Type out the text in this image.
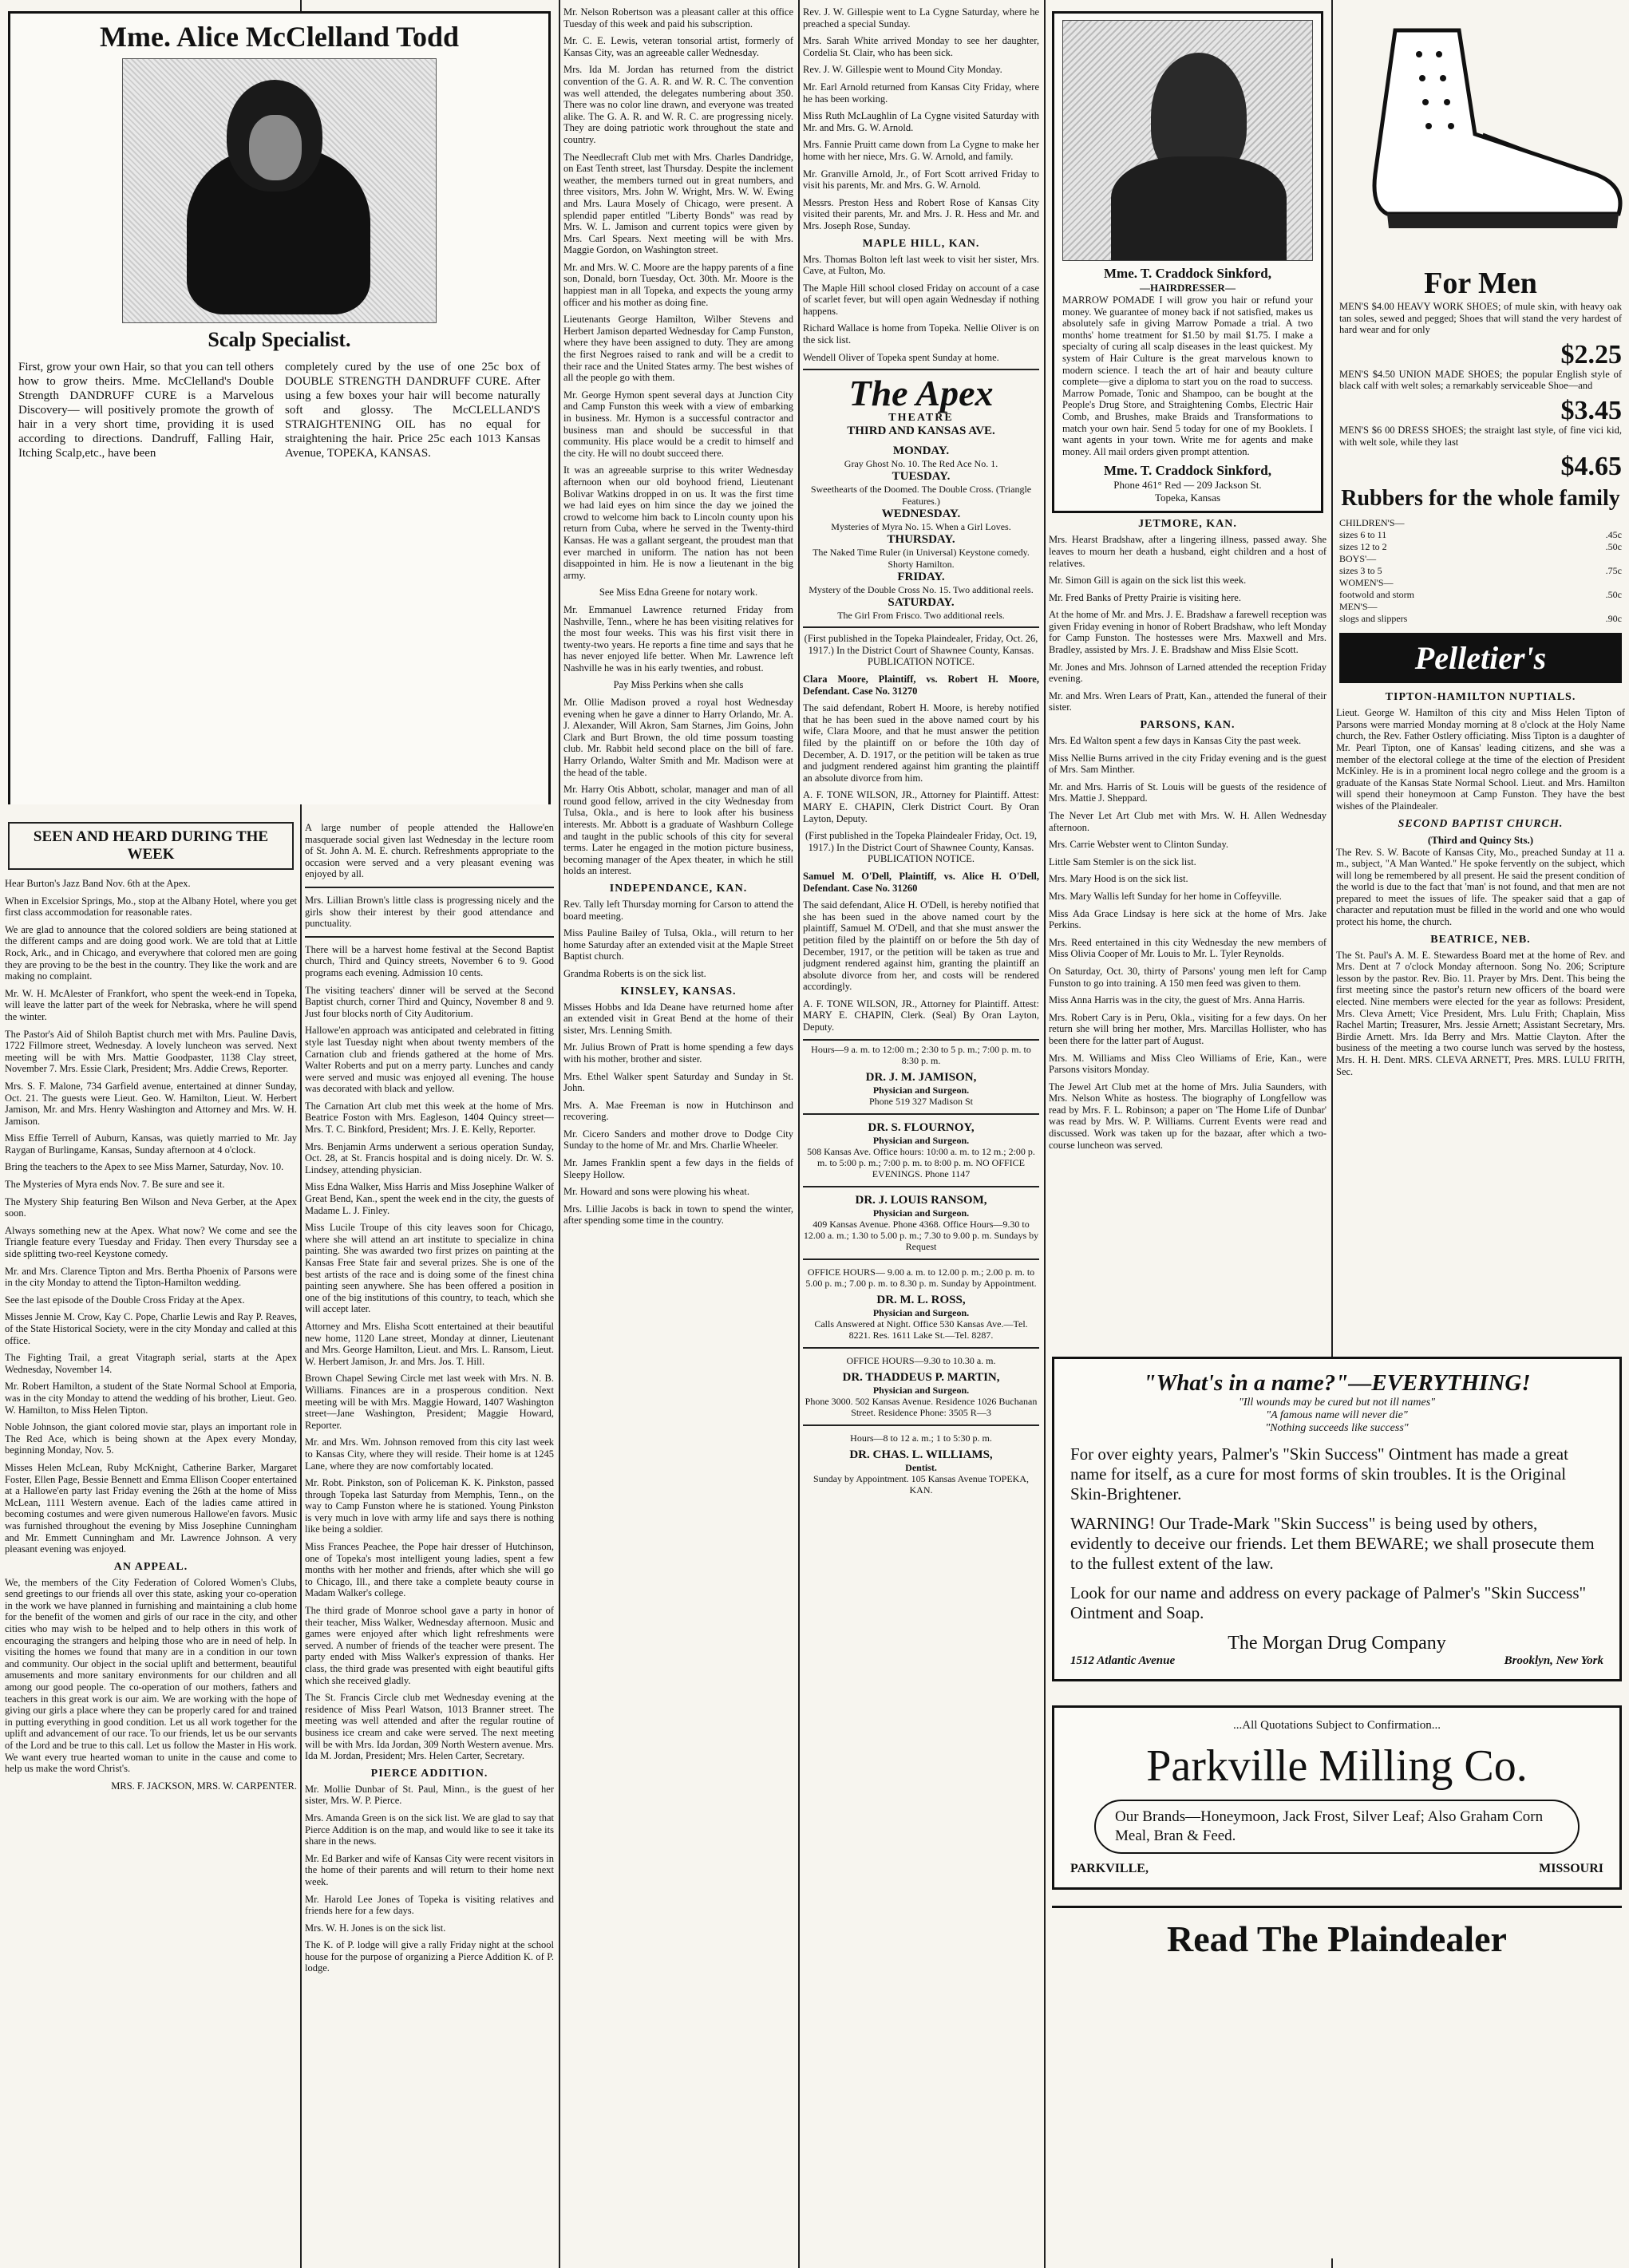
Mme. Alice McClelland Todd
Scalp Specialist.

First, grow your own Hair, so that you can tell others how to grow theirs. Mme. McClelland's Double Strength DANDRUFF CURE is a Marvelous Discovery— will positively promote the growth of hair in a very short time, providing it is used according to directions. Dandruff, Falling Hair, Itching Scalp,etc., have been

completely cured by the use of one 25c box of DOUBLE STRENGTH DANDRUFF CURE. After using a few boxes your hair will become naturally soft and glossy. The McCLELLAND'S STRAIGHTENING OIL has no equal for straightening the hair. Price 25c each 1013 Kansas Avenue, TOPEKA, KANSAS.

SEEN AND HEARD DURING THE WEEK

Hear Burton's Jazz Band Nov. 6th at the Apex.

When in Excelsior Springs, Mo., stop at the Albany Hotel, where you get first class accommodation for reasonable rates.

We are glad to announce that the colored soldiers are being stationed at the different camps and are doing good work. We are told that at Little Rock, Ark., and in Chicago, and everywhere that colored men are going they are proving to be the best in the country. They like the work and are making no complaint.

Mr. W. H. McAlester of Frankfort, who spent the week-end in Topeka, will leave the latter part of the week for Nebraska, where he will spend the winter.

The Pastor's Aid of Shiloh Baptist church met with Mrs. Pauline Davis, 1722 Fillmore street, Wednesday. A lovely luncheon was served. Next meeting will be with Mrs. Mattie Goodpaster, 1138 Clay street, November 7. Mrs. Essie Clark, President; Mrs. Addie Crews, Reporter.

Mrs. S. F. Malone, 734 Garfield avenue, entertained at dinner Sunday, Oct. 21. The guests were Lieut. Geo. W. Hamilton, Lieut. W. Herbert Jamison, Mr. and Mrs. Henry Washington and Attorney and Mrs. W. H. Jamison.

Miss Effie Terrell of Auburn, Kansas, was quietly married to Mr. Jay Raygan of Burlingame, Kansas, Sunday afternoon at 4 o'clock.

Bring the teachers to the Apex to see Miss Marner, Saturday, Nov. 10.

The Mysteries of Myra ends Nov. 7. Be sure and see it.

The Mystery Ship featuring Ben Wilson and Neva Gerber, at the Apex soon.

Always something new at the Apex. What now? We come and see the Triangle feature every Tuesday and Friday. Then every Thursday see a side splitting two-reel Keystone comedy.

Mr. and Mrs. Clarence Tipton and Mrs. Bertha Phoenix of Parsons were in the city Monday to attend the Tipton-Hamilton wedding.

See the last episode of the Double Cross Friday at the Apex.

Misses Jennie M. Crow, Kay C. Pope, Charlie Lewis and Ray P. Reaves, of the State Historical Society, were in the city Monday and called at this office.

The Fighting Trail, a great Vitagraph serial, starts at the Apex Wednesday, November 14.

Mr. Robert Hamilton, a student of the State Normal School at Emporia, was in the city Monday to attend the wedding of his brother, Lieut. Geo. W. Hamilton, to Miss Helen Tipton.

Noble Johnson, the giant colored movie star, plays an important role in The Red Ace, which is being shown at the Apex every Monday, beginning Monday, Nov. 5.

Misses Helen McLean, Ruby McKnight, Catherine Barker, Margaret Foster, Ellen Page, Bessie Bennett and Emma Ellison Cooper entertained at a Hallowe'en party last Friday evening the 26th at the home of Miss McLean, 1111 Western avenue. Each of the ladies came attired in becoming costumes and were given numerous Hallowe'en favors. Music was furnished throughout the evening by Miss Josephine Cunningham and Mr. Emmett Cunningham and Mr. Lawrence Johnson. A very pleasant evening was enjoyed.

AN APPEAL.

We, the members of the City Federation of Colored Women's Clubs, send greetings to our friends all over this state, asking your co-operation in the work we have planned in furnishing and maintaining a club home for the benefit of the women and girls of our race in the city, and other cities who may wish to be helped and to help others in this work of encouraging the strangers and helping those who are in need of help. In visiting the homes we found that many are in a condition in our town and community. Our object in the social uplift and betterment, beautiful amusements and more sanitary environments for our children and all among our good people. The co-operation of our mothers, fathers and teachers in this great work is our aim. We are working with the hope of giving our girls a place where they can be properly cared for and trained in putting everything in good condition. Let us all work together for the uplift and advancement of our race. To our friends, let us be our servants of the Lord and be true to this call. Let us follow the Master in His work. We want every true hearted woman to unite in the cause and come to help us make the word Christ's.

MRS. F. JACKSON, MRS. W. CARPENTER.

A large number of people attended the Hallowe'en masquerade social given last Wednesday in the lecture room of St. John A. M. E. church. Refreshments appropriate to the occasion were served and a very pleasant evening was enjoyed by all.

Mrs. Lillian Brown's little class is progressing nicely and the girls show their interest by their good attendance and punctuality.

There will be a harvest home festival at the Second Baptist church, Third and Quincy streets, November 6 to 9. Good programs each evening. Admission 10 cents.

The visiting teachers' dinner will be served at the Second Baptist church, corner Third and Quincy, November 8 and 9. Just four blocks north of City Auditorium.

Hallowe'en approach was anticipated and celebrated in fitting style last Tuesday night when about twenty members of the Carnation club and friends gathered at the home of Mrs. Walter Roberts and put on a merry party. Lunches and candy were served and music was enjoyed all evening. The house was decorated with black and yellow.

The Carnation Art club met this week at the home of Mrs. Beatrice Foston with Mrs. Eagleson, 1404 Quincy street—Mrs. T. C. Binkford, President; Mrs. J. E. Kelly, Reporter.

Mrs. Benjamin Arms underwent a serious operation Sunday, Oct. 28, at St. Francis hospital and is doing nicely. Dr. W. S. Lindsey, attending physician.

Miss Edna Walker, Miss Harris and Miss Josephine Walker of Great Bend, Kan., spent the week end in the city, the guests of Madame L. J. Finley.

Miss Lucile Troupe of this city leaves soon for Chicago, where she will attend an art institute to specialize in china painting. She was awarded two first prizes on painting at the Kansas Free State fair and several prizes. She is one of the best artists of the race and is doing some of the finest china painting seen anywhere. She has been offered a position in one of the big institutions of this country, to teach, which she will accept later.

Attorney and Mrs. Elisha Scott entertained at their beautiful new home, 1120 Lane street, Monday at dinner, Lieutenant and Mrs. George Hamilton, Lieut. and Mrs. L. Ransom, Lieut. W. Herbert Jamison, Jr. and Mrs. Jos. T. Hill.

Brown Chapel Sewing Circle met last week with Mrs. N. B. Williams. Finances are in a prosperous condition. Next meeting will be with Mrs. Maggie Howard, 1407 Washington street—Jane Washington, President; Maggie Howard, Reporter.

Mr. and Mrs. Wm. Johnson removed from this city last week to Kansas City, where they will reside. Their home is at 1245 Lane, where they are now comfortably located.

Mr. Robt. Pinkston, son of Policeman K. K. Pinkston, passed through Topeka last Saturday from Memphis, Tenn., on the way to Camp Funston where he is stationed. Young Pinkston is very much in love with army life and says there is nothing like being a soldier.

Miss Frances Peachee, the Pope hair dresser of Hutchinson, one of Topeka's most intelligent young ladies, spent a few months with her mother and friends, after which she will go to Chicago, Ill., and there take a complete beauty course in Madam Walker's college.

The third grade of Monroe school gave a party in honor of their teacher, Miss Walker, Wednesday afternoon. Music and games were enjoyed after which light refreshments were served. A number of friends of the teacher were present. The party ended with Miss Walker's expression of thanks. Her class, the third grade was presented with eight beautiful gifts which she received gladly.

The St. Francis Circle club met Wednesday evening at the residence of Miss Pearl Watson, 1013 Branner street. The meeting was well attended and after the regular routine of business ice cream and cake were served. The next meeting will be with Mrs. Ida Jordan, 309 North Western avenue. Mrs. Ida M. Jordan, President; Mrs. Helen Carter, Secretary.

PIERCE ADDITION.

Mr. Mollie Dunbar of St. Paul, Minn., is the guest of her sister, Mrs. W. P. Pierce.

Mrs. Amanda Green is on the sick list. We are glad to say that Pierce Addition is on the map, and would like to see it take its share in the news.

Mr. Ed Barker and wife of Kansas City were recent visitors in the home of their parents and will return to their home next week.

Mr. Harold Lee Jones of Topeka is visiting relatives and friends here for a few days.

Mrs. W. H. Jones is on the sick list.

The K. of P. lodge will give a rally Friday night at the school house for the purpose of organizing a Pierce Addition K. of P. lodge.

Mr. Nelson Robertson was a pleasant caller at this office Tuesday of this week and paid his subscription.

Mr. C. E. Lewis, veteran tonsorial artist, formerly of Kansas City, was an agreeable caller Wednesday.

Mrs. Ida M. Jordan has returned from the district convention of the G. A. R. and W. R. C. The convention was well attended, the delegates numbering about 350. There was no color line drawn, and everyone was treated alike. The G. A. R. and W. R. C. are progressing nicely. They are doing patriotic work throughout the state and country.

The Needlecraft Club met with Mrs. Charles Dandridge, on East Tenth street, last Thursday. Despite the inclement weather, the members turned out in great numbers, and three visitors, Mrs. John W. Wright, Mrs. W. W. Ewing and Mrs. Laura Mosely of Chicago, were present. A splendid paper entitled "Liberty Bonds" was read by Mrs. W. L. Jamison and current topics were given by Mrs. Carl Spears. Next meeting will be with Mrs. Maggie Gordon, on Washington street.

Mr. and Mrs. W. C. Moore are the happy parents of a fine son, Donald, born Tuesday, Oct. 30th. Mr. Moore is the happiest man in all Topeka, and expects the young army officer and his mother as doing fine.

Lieutenants George Hamilton, Wilber Stevens and Herbert Jamison departed Wednesday for Camp Funston, where they have been assigned to duty. They are among the first Negroes raised to rank and will be a credit to their race and the United States army. The best wishes of all the people go with them.

Mr. George Hymon spent several days at Junction City and Camp Funston this week with a view of embarking in business. Mr. Hymon is a successful contractor and business man and should be successful in that community. His place would be a credit to himself and the city. He will no doubt succeed there.

It was an agreeable surprise to this writer Wednesday afternoon when our old boyhood friend, Lieutenant Bolivar Watkins dropped in on us. It was the first time we had laid eyes on him since the day we joined the crowd to welcome him back to Lincoln county upon his return from Cuba, where he served in the Twenty-third Kansas. He was a gallant sergeant, the proudest man that ever marched in uniform. The nation has not been disappointed in him. He is now a lieutenant in the big army.

See Miss Edna Greene for notary work.

Mr. Emmanuel Lawrence returned Friday from Nashville, Tenn., where he has been visiting relatives for the most four weeks. This was his first visit there in twenty-two years. He reports a fine time and says that he has never enjoyed life better. When Mr. Lawrence left Nashville he was in his early twenties, and robust.

Pay Miss Perkins when she calls

Mr. Ollie Madison proved a royal host Wednesday evening when he gave a dinner to Harry Orlando, Mr. A. J. Alexander, Will Akron, Sam Starnes, Jim Goins, John Clark and Burt Brown, the old time possum toasting club. Mr. Rabbit held second place on the bill of fare. Harry Orlando, Walter Smith and Mr. Madison were at the head of the table.

Mr. Harry Otis Abbott, scholar, manager and man of all round good fellow, arrived in the city Wednesday from Tulsa, Okla., and is here to look after his business interests. Mr. Abbott is a graduate of Washburn College and taught in the public schools of this city for several terms. Later he engaged in the motion picture business, becoming manager of the Apex theater, in which he still holds an interest.

INDEPENDANCE, KAN.

Rev. Tally left Thursday morning for Carson to attend the board meeting.

Miss Pauline Bailey of Tulsa, Okla., will return to her home Saturday after an extended visit at the Maple Street Baptist church.

Grandma Roberts is on the sick list.

KINSLEY, KANSAS.

Misses Hobbs and Ida Deane have returned home after an extended visit in Great Bend at the home of their sister, Mrs. Lenning Smith.

Mr. Julius Brown of Pratt is home spending a few days with his mother, brother and sister.

Mrs. Ethel Walker spent Saturday and Sunday in St. John.

Mrs. A. Mae Freeman is now in Hutchinson and recovering.

Mr. Cicero Sanders and mother drove to Dodge City Sunday to the home of Mr. and Mrs. Charlie Wheeler.

Mr. James Franklin spent a few days in the fields of Sleepy Hollow.

Mr. Howard and sons were plowing his wheat.

Mrs. Lillie Jacobs is back in town to spend the winter, after spending some time in the country.

Rev. J. W. Gillespie went to La Cygne Saturday, where he preached a special Sunday.

Mrs. Sarah White arrived Monday to see her daughter, Cordelia St. Clair, who has been sick.

Rev. J. W. Gillespie went to Mound City Monday.

Mr. Earl Arnold returned from Kansas City Friday, where he has been working.

Miss Ruth McLaughlin of La Cygne visited Saturday with Mr. and Mrs. G. W. Arnold.

Mrs. Fannie Pruitt came down from La Cygne to make her home with her niece, Mrs. G. W. Arnold, and family.

Mr. Granville Arnold, Jr., of Fort Scott arrived Friday to visit his parents, Mr. and Mrs. G. W. Arnold.

Messrs. Preston Hess and Robert Rose of Kansas City visited their parents, Mr. and Mrs. J. R. Hess and Mr. and Mrs. Joseph Rose, Sunday.

MAPLE HILL, KAN.

Mrs. Thomas Bolton left last week to visit her sister, Mrs. Cave, at Fulton, Mo.

The Maple Hill school closed Friday on account of a case of scarlet fever, but will open again Wednesday if nothing happens.

Richard Wallace is home from Topeka. Nellie Oliver is on the sick list.

Wendell Oliver of Topeka spent Sunday at home.

The Apex
THEATRE
THIRD AND KANSAS AVE.
MONDAY.
Gray Ghost No. 10. The Red Ace No. 1.
TUESDAY.
Sweethearts of the Doomed. The Double Cross. (Triangle Features.)
WEDNESDAY.
Mysteries of Myra No. 15. When a Girl Loves.
THURSDAY.
The Naked Time Ruler (in Universal) Keystone comedy. Shorty Hamilton.
FRIDAY.
Mystery of the Double Cross No. 15. Two additional reels.
SATURDAY.
The Girl From Frisco. Two additional reels.

(First published in the Topeka Plaindealer, Friday, Oct. 26, 1917.) In the District Court of Shawnee County, Kansas. PUBLICATION NOTICE.

Clara Moore, Plaintiff, vs. Robert H. Moore, Defendant. Case No. 31270

The said defendant, Robert H. Moore, is hereby notified that he has been sued in the above named court by his wife, Clara Moore, and that he must answer the petition filed by the plaintiff on or before the 10th day of December, A. D. 1917, or the petition will be taken as true and judgment rendered against him granting the plaintiff an absolute divorce from him.

A. F. TONE WILSON, JR., Attorney for Plaintiff. Attest: MARY E. CHAPIN, Clerk District Court. By Oran Layton, Deputy.

(First published in the Topeka Plaindealer Friday, Oct. 19, 1917.) In the District Court of Shawnee County, Kansas. PUBLICATION NOTICE.

Samuel M. O'Dell, Plaintiff, vs. Alice H. O'Dell, Defendant. Case No. 31260

The said defendant, Alice H. O'Dell, is hereby notified that she has been sued in the above named court by the plaintiff, Samuel M. O'Dell, and that she must answer the petition filed by the plaintiff on or before the 5th day of December, 1917, or the petition will be taken as true and judgment rendered against him, granting the plaintiff an absolute divorce from her, and costs will be rendered accordingly.

A. F. TONE WILSON, JR., Attorney for Plaintiff. Attest: MARY E. CHAPIN, Clerk. (Seal) By Oran Layton, Deputy.

Hours—9 a. m. to 12:00 m.; 2:30 to 5 p. m.; 7:00 p. m. to 8:30 p. m.
DR. J. M. JAMISON,
Physician and Surgeon.
Phone 519 327 Madison St
DR. S. FLOURNOY,
Physician and Surgeon.
508 Kansas Ave. Office hours: 10:00 a. m. to 12 m.; 2:00 p. m. to 5:00 p. m.; 7:00 p. m. to 8:00 p. m. NO OFFICE EVENINGS. Phone 1147
DR. J. LOUIS RANSOM,
Physician and Surgeon.
409 Kansas Avenue. Phone 4368. Office Hours—9.30 to 12.00 a. m.; 1.30 to 5.00 p. m.; 7.30 to 9.00 p. m. Sundays by Request
OFFICE HOURS— 9.00 a. m. to 12.00 p. m.; 2.00 p. m. to 5.00 p. m.; 7.00 p. m. to 8.30 p. m. Sunday by Appointment.
DR. M. L. ROSS,
Physician and Surgeon.
Calls Answered at Night. Office 530 Kansas Ave.—Tel. 8221. Res. 1611 Lake St.—Tel. 8287.
OFFICE HOURS—9.30 to 10.30 a. m.
DR. THADDEUS P. MARTIN,
Physician and Surgeon.
Phone 3000. 502 Kansas Avenue. Residence 1026 Buchanan Street. Residence Phone: 3505 R—3
Hours—8 to 12 a. m.; 1 to 5:30 p. m.
DR. CHAS. L. WILLIAMS,
Dentist.
Sunday by Appointment. 105 Kansas Avenue TOPEKA, KAN.
Mme. T. Craddock Sinkford,
—HAIRDRESSER—

MARROW POMADE I will grow you hair or refund your money. We guarantee of money back if not satisfied, makes us absolutely safe in giving Marrow Pomade a trial. A two months' home treatment for $1.50 by mail $1.75. I make a specialty of curing all scalp diseases in the least quickest. My system of Hair Culture is the great marvelous known to modern science. I teach the art of hair and beauty culture complete—give a diploma to start you on the road to success. Marrow Pomade, Tonic and Shampoo, can be bought at the People's Drug Store, and Straightening Combs, Electric Hair Comb, and Brushes, make Braids and Transformations to match your own hair. Send 5 today for one of my Booklets. I want agents in your town. Write me for agents and make money. All mail orders given prompt attention.

Mme. T. Craddock Sinkford,
Phone 461° Red — 209 Jackson St.
Topeka, Kansas
JETMORE, KAN.

Mrs. Hearst Bradshaw, after a lingering illness, passed away. She leaves to mourn her death a husband, eight children and a host of relatives.

Mr. Simon Gill is again on the sick list this week.

Mr. Fred Banks of Pretty Prairie is visiting here.

At the home of Mr. and Mrs. J. E. Bradshaw a farewell reception was given Friday evening in honor of Robert Bradshaw, who left Monday for Camp Funston. The hostesses were Mrs. Maxwell and Mrs. Bradley, assisted by Mrs. J. E. Bradshaw and Miss Elsie Scott.

Mr. Jones and Mrs. Johnson of Larned attended the reception Friday evening.

Mr. and Mrs. Wren Lears of Pratt, Kan., attended the funeral of their sister.

PARSONS, KAN.

Mrs. Ed Walton spent a few days in Kansas City the past week.

Miss Nellie Burns arrived in the city Friday evening and is the guest of Mrs. Sam Minther.

Mr. and Mrs. Harris of St. Louis will be guests of the residence of Mrs. Mattie J. Sheppard.

The Never Let Art Club met with Mrs. W. H. Allen Wednesday afternoon.

Mrs. Carrie Webster went to Clinton Sunday.

Little Sam Stemler is on the sick list.

Mrs. Mary Hood is on the sick list.

Mrs. Mary Wallis left Sunday for her home in Coffeyville.

Miss Ada Grace Lindsay is here sick at the home of Mrs. Jake Perkins.

Mrs. Reed entertained in this city Wednesday the new members of Miss Olivia Cooper of Mr. Louis to Mr. L. Tyler Reynolds.

On Saturday, Oct. 30, thirty of Parsons' young men left for Camp Funston to go into training. A 150 men feed was given to them.

Miss Anna Harris was in the city, the guest of Mrs. Anna Harris.

Mrs. Robert Cary is in Peru, Okla., visiting for a few days. On her return she will bring her mother, Mrs. Marcillas Hollister, who has been there for the latter part of August.

Mrs. M. Williams and Miss Cleo Williams of Erie, Kan., were Parsons visitors Monday.

The Jewel Art Club met at the home of Mrs. Julia Saunders, with Mrs. Nelson White as hostess. The biography of Longfellow was read by Mrs. F. L. Robinson; a paper on 'The Home Life of Dunbar' was read by Mrs. W. P. Williams. Current Events were read and discussed. Work was taken up for the bazaar, after which a two-course luncheon was served.

For Men

MEN'S $4.00 HEAVY WORK SHOES; of mule skin, with heavy oak tan soles, sewed and pegged; Shoes that will stand the very hardest of hard wear and for only

$2.25

MEN'S $4.50 UNION MADE SHOES; the popular English style of black calf with welt soles; a remarkably serviceable Shoe—and

$3.45

MEN'S $6 00 DRESS SHOES; the straight last style, of fine vici kid, with welt sole, while they last

$4.65
Rubbers for the whole family
CHILDREN'S—
sizes 6 to 11	.45c
sizes 12 to 2	.50c
BOYS'—
sizes 3 to 5	.75c
WOMEN'S—
footwold and storm	.50c
MEN'S—
slogs and slippers	.90c
Pelletier's
TIPTON-HAMILTON NUPTIALS.

Lieut. George W. Hamilton of this city and Miss Helen Tipton of Parsons were married Monday morning at 8 o'clock at the Holy Name church, the Rev. Father Ostlery officiating. Miss Tipton is a daughter of Mr. Pearl Tipton, one of Kansas' leading citizens, and she was a member of the electoral college at the time of the election of President McKinley. He is in a prominent local negro college and the groom is a graduate of the Kansas State Normal School. Lieut. and Mrs. Hamilton will spend their honeymoon at Camp Funston. They have the best wishes of the Plaindealer.

SECOND BAPTIST CHURCH.
(Third and Quincy Sts.)

The Rev. S. W. Bacote of Kansas City, Mo., preached Sunday at 11 a. m., subject, "A Man Wanted." He spoke fervently on the subject, which will long be remembered by all present. He said the present condition of the world is due to the fact that 'man' is not found, and that men are not prepared to meet the issues of life. The speaker said that a gap of character and reputation must be filled in the world and one who would protect his home, the church.

BEATRICE, NEB.

The St. Paul's A. M. E. Stewardess Board met at the home of Rev. and Mrs. Dent at 7 o'clock Monday afternoon. Song No. 206; Scripture lesson by the pastor. Rev. Bio. 11. Prayer by Mrs. Dent. This being the first meeting since the pastor's return new officers of the board were elected. Nine members were elected for the year as follows: President, Mrs. Cleva Arnett; Vice President, Mrs. Lulu Frith; Chaplain, Miss Rachel Martin; Treasurer, Mrs. Jessie Arnett; Assistant Secretary, Mrs. Birdie Arnett. Mrs. Ida Berry and Mrs. Mattie Clayton. After the business of the meeting a two course lunch was served by the hostess, Mrs. H. H. Dent. MRS. CLEVA ARNETT, Pres. MRS. LULU FRITH, Sec.

"What's in a name?"—EVERYTHING!
"Ill wounds may be cured but not ill names"
"A famous name will never die"
"Nothing succeeds like success"

For over eighty years, Palmer's "Skin Success" Ointment has made a great name for itself, as a cure for most forms of skin troubles. It is the Original Skin-Brightener.

WARNING! Our Trade-Mark "Skin Success" is being used by others, evidently to deceive our friends. Let them BEWARE; we shall prosecute them to the fullest extent of the law.

Look for our name and address on every package of Palmer's "Skin Success" Ointment and Soap.

The Morgan Drug Company
1512 Atlantic Avenue	Brooklyn, New York
...All Quotations Subject to Confirmation...
Parkville Milling Co.
Our Brands—Honeymoon, Jack Frost, Silver Leaf; Also Graham Corn Meal, Bran & Feed.
PARKVILLE,	MISSOURI
Read The Plaindealer
